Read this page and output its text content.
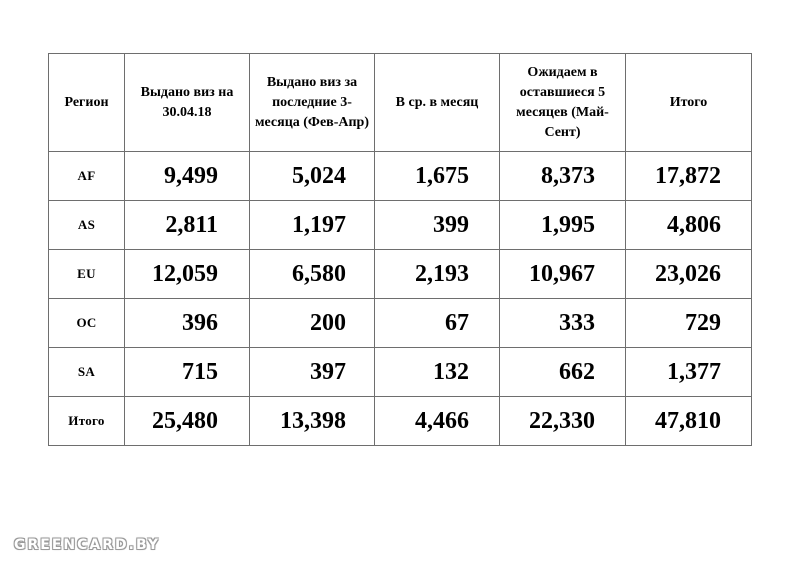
Регион	Выдано виз на 30.04.18	Выдано виз за последние 3-месяца (Фев-Апр)	В ср. в месяц	Ожидаем в оставшиеся 5 месяцев (Май-Сент)	Итого

AF	9,499	5,024	1,675	8,373	17,872

AS	2,811	1,197	399	1,995	4,806

EU	12,059	6,580	2,193	10,967	23,026

OC	396	200	67	333	729

SA	715	397	132	662	1,377

Итого	25,480	13,398	4,466	22,330	47,810
GREENCARD.BY
